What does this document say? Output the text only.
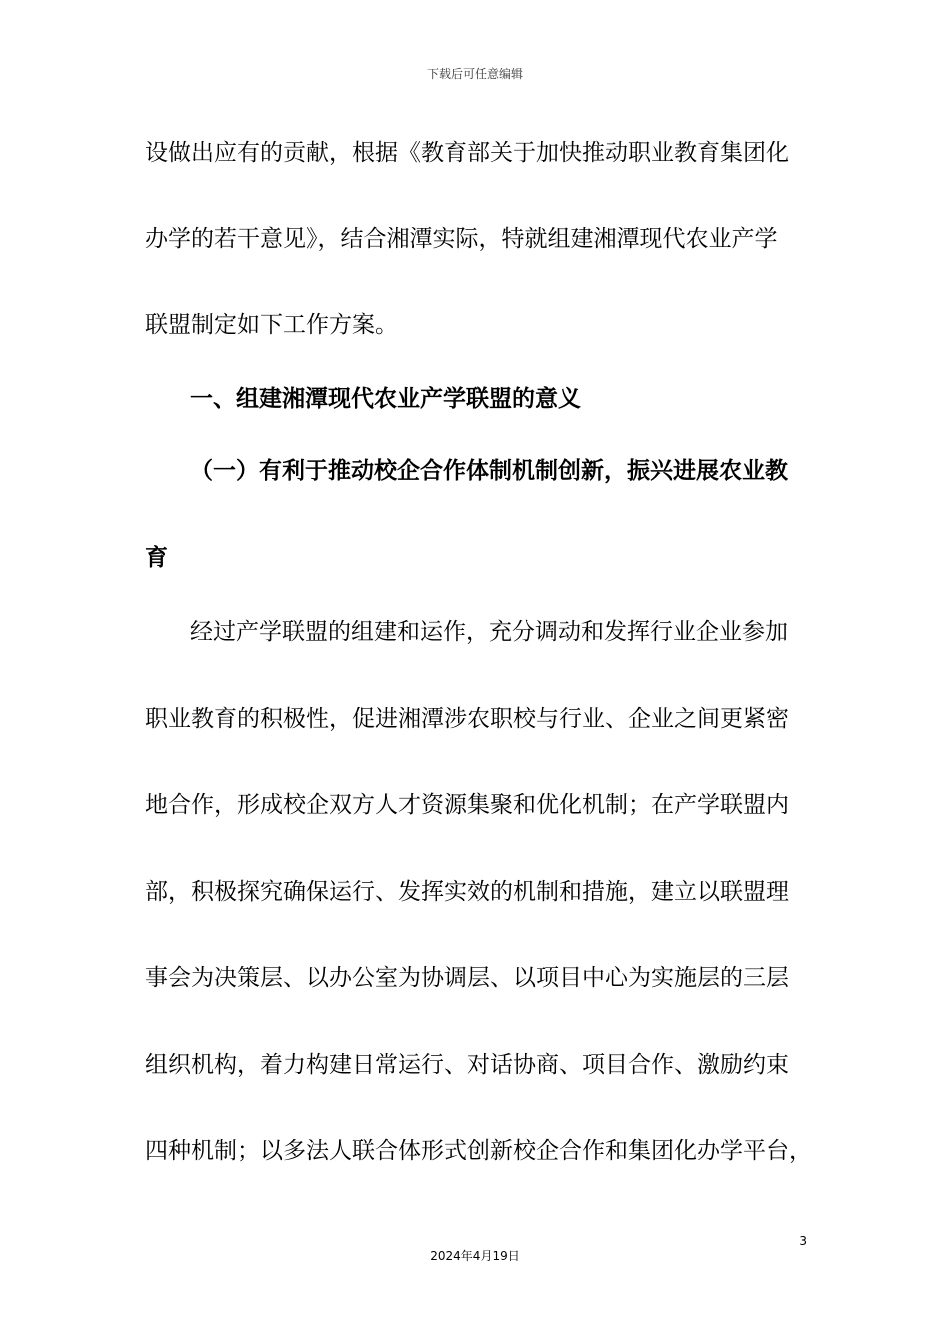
下载后可任意编辑
设做出应有的贡献，根据《教育部关于加快推动职业教育集团化
办学的若干意见》，结合湘潭实际，特就组建湘潭现代农业产学
联盟制定如下工作方案。
一、组建湘潭现代农业产学联盟的意义
（一）有利于推动校企合作体制机制创新，振兴进展农业教
育
经过产学联盟的组建和运作，充分调动和发挥行业企业参加
职业教育的积极性，促进湘潭涉农职校与行业、企业之间更紧密
地合作，形成校企双方人才资源集聚和优化机制；在产学联盟内
部，积极探究确保运行、发挥实效的机制和措施，建立以联盟理
事会为决策层、以办公室为协调层、以项目中心为实施层的三层
组织机构，着力构建日常运行、对话协商、项目合作、激励约束
四种机制；以多法人联合体形式创新校企合作和集团化办学平台，
3
2024年4月19日
